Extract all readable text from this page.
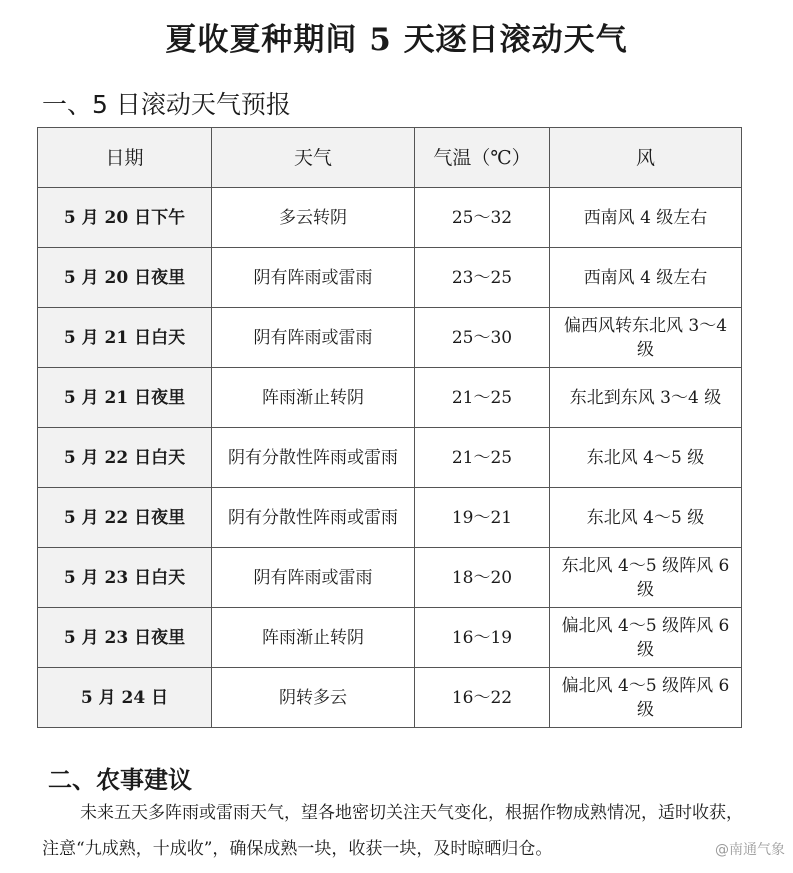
夏收夏种期间 5 天逐日滚动天气
一、5 日滚动天气预报
日期	天气	气温（℃）	风
5 月 20 日下午	多云转阴	25～32	西南风 4 级左右
5 月 20 日夜里	阴有阵雨或雷雨	23～25	西南风 4 级左右
5 月 21 日白天	阴有阵雨或雷雨	25～30	偏西风转东北风 3～4 级
5 月 21 日夜里	阵雨渐止转阴	21～25	东北到东风 3～4 级
5 月 22 日白天	阴有分散性阵雨或雷雨	21～25	东北风 4～5 级
5 月 22 日夜里	阴有分散性阵雨或雷雨	19～21	东北风 4～5 级
5 月 23 日白天	阴有阵雨或雷雨	18～20	东北风 4～5 级阵风 6 级
5 月 23 日夜里	阵雨渐止转阴	16～19	偏北风 4～5 级阵风 6 级
5 月 24 日	阴转多云	16～22	偏北风 4～5 级阵风 6 级
二、农事建议
未来五天多阵雨或雷雨天气，望各地密切关注天气变化，根据作物成熟情况，适时收获，注意“九成熟，十成收”，确保成熟一块，收获一块，及时晾晒归仓。	@南通气象
